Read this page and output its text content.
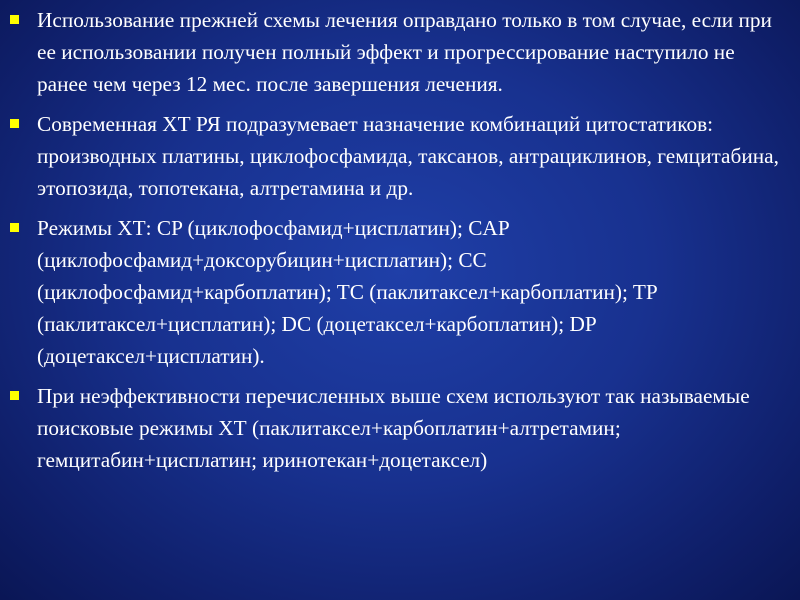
Использование прежней схемы лечения оправдано только в том случае, если при ее использовании получен полный эффект и прогрессирование наступило не ранее чем через 12 мес. после завершения лечения.
Современная ХТ РЯ подразумевает назначение комбинаций цитостатиков: производных платины, циклофосфамида, таксанов, антрациклинов, гемцитабина, этопозида, топотекана, алтретамина и др.
Режимы ХТ: CP (циклофосфамид+цисплатин); CAP (циклофосфамид+доксорубицин+цисплатин); CC (циклофосфамид+карбоплатин); TC (паклитаксел+карбоплатин); TP (паклитаксел+цисплатин); DC (доцетаксел+карбоплатин); DP (доцетаксел+цисплатин).
При неэффективности перечисленных выше схем используют так называемые поисковые режимы ХТ (паклитаксел+карбоплатин+алтретамин; гемцитабин+цисплатин; иринотекан+доцетаксел)
